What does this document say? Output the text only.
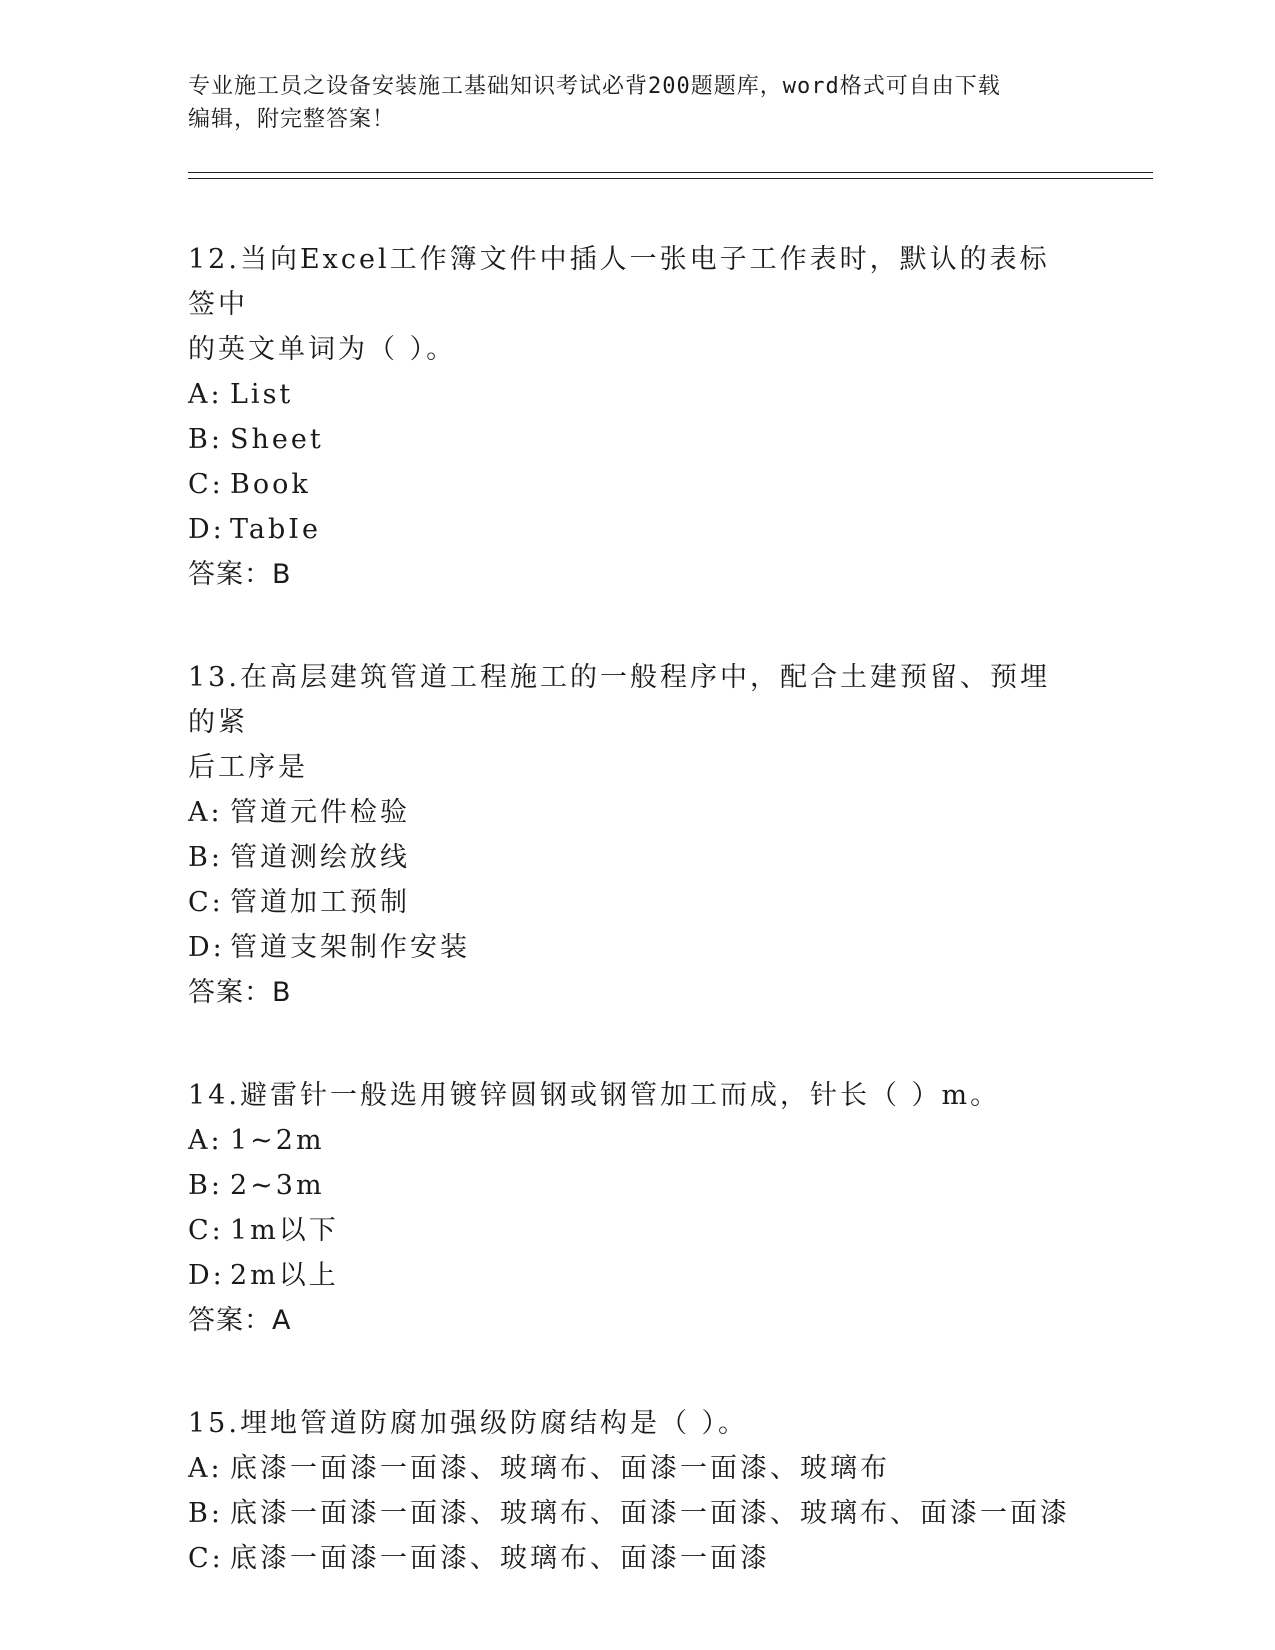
专业施工员之设备安装施工基础知识考试必背200题题库，word格式可自由下载

编辑，附完整答案！

12.当向Excel工作簿文件中插人一张电子工作表时，默认的表标签中

的英文单词为（ ）。

A: List

B: Sheet

C: Book

D: TabIe

答案：B

13.在高层建筑管道工程施工的一般程序中，配合土建预留、预埋的紧

后工序是

A: 管道元件检验

B: 管道测绘放线

C: 管道加工预制

D: 管道支架制作安装

答案：B

14.避雷针一般选用镀锌圆钢或钢管加工而成，针长（ ）m。

A: 1~2m

B: 2~3m

C: 1m以下

D: 2m以上

答案：A

15.埋地管道防腐加强级防腐结构是（ ）。

A: 底漆一面漆一面漆、玻璃布、面漆一面漆、玻璃布

B: 底漆一面漆一面漆、玻璃布、面漆一面漆、玻璃布、面漆一面漆

C: 底漆一面漆一面漆、玻璃布、面漆一面漆
